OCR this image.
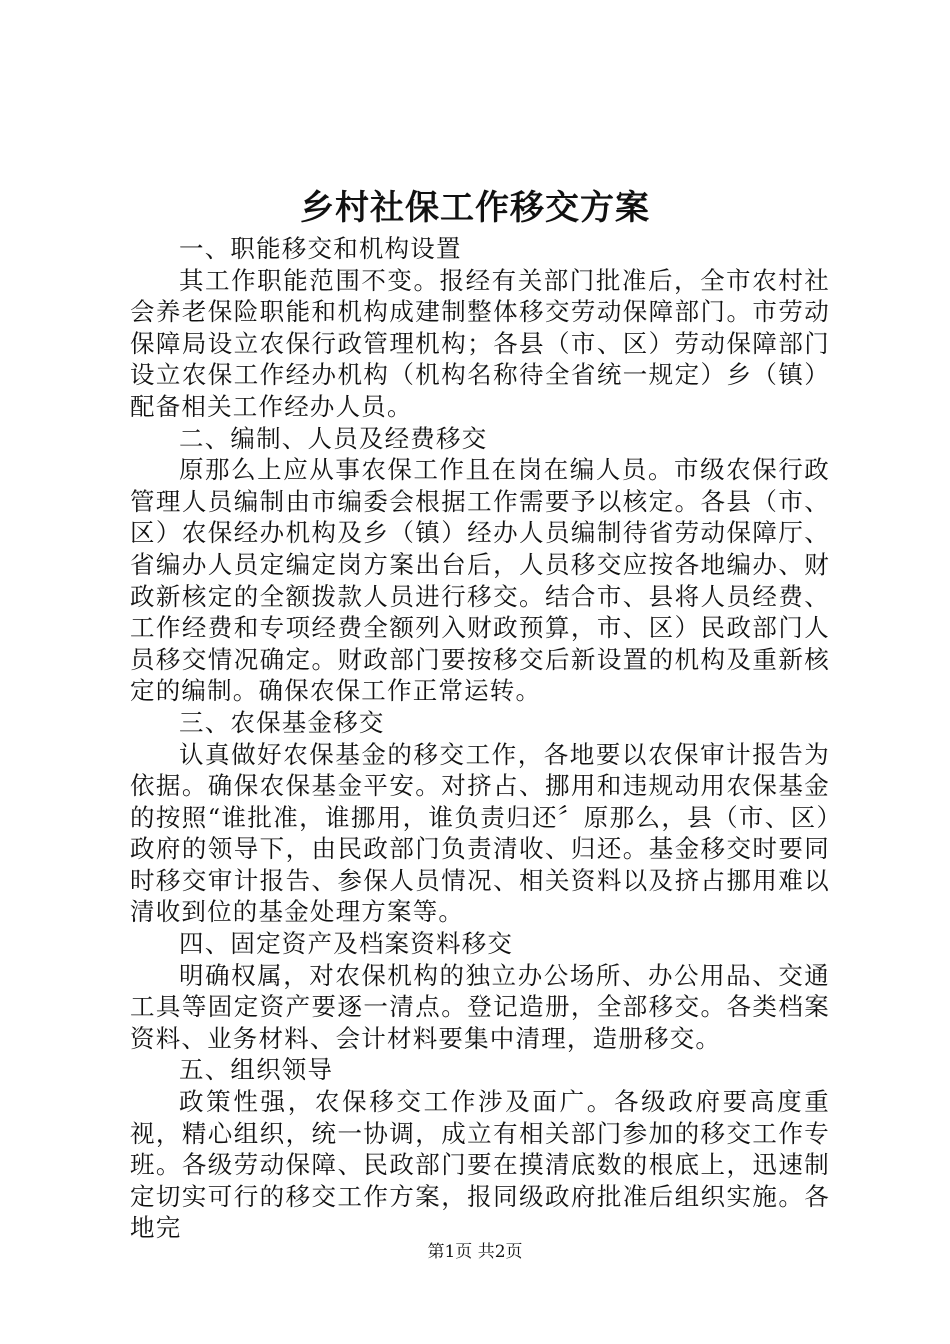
乡村社保工作移交方案

一、职能移交和机构设置

其工作职能范围不变。报经有关部门批准后，全市农村社会养老保险职能和机构成建制整体移交劳动保障部门。市劳动保障局设立农保行政管理机构；各县（市、区）劳动保障部门设立农保工作经办机构（机构名称待全省统一规定）乡（镇）配备相关工作经办人员。

二、编制、人员及经费移交

原那么上应从事农保工作且在岗在编人员。市级农保行政管理人员编制由市编委会根据工作需要予以核定。各县（市、区）农保经办机构及乡（镇）经办人员编制待省劳动保障厅、省编办人员定编定岗方案出台后，人员移交应按各地编办、财政新核定的全额拨款人员进行移交。结合市、县将人员经费、工作经费和专项经费全额列入财政预算，市、区）民政部门人员移交情况确定。财政部门要按移交后新设置的机构及重新核定的编制。确保农保工作正常运转。

三、农保基金移交

认真做好农保基金的移交工作，各地要以农保审计报告为依据。确保农保基金平安。对挤占、挪用和违规动用农保基金的按照“谁批准，谁挪用，谁负责归还〞原那么，县（市、区）政府的领导下，由民政部门负责清收、归还。基金移交时要同时移交审计报告、参保人员情况、相关资料以及挤占挪用难以清收到位的基金处理方案等。

四、固定资产及档案资料移交

明确权属，对农保机构的独立办公场所、办公用品、交通工具等固定资产要逐一清点。登记造册，全部移交。各类档案资料、业务材料、会计材料要集中清理，造册移交。

五、组织领导

政策性强，农保移交工作涉及面广。各级政府要高度重视，精心组织，统一协调，成立有相关部门参加的移交工作专班。各级劳动保障、民政部门要在摸清底数的根底上，迅速制定切实可行的移交工作方案，报同级政府批准后组织实施。各地完

第1页 共2页
